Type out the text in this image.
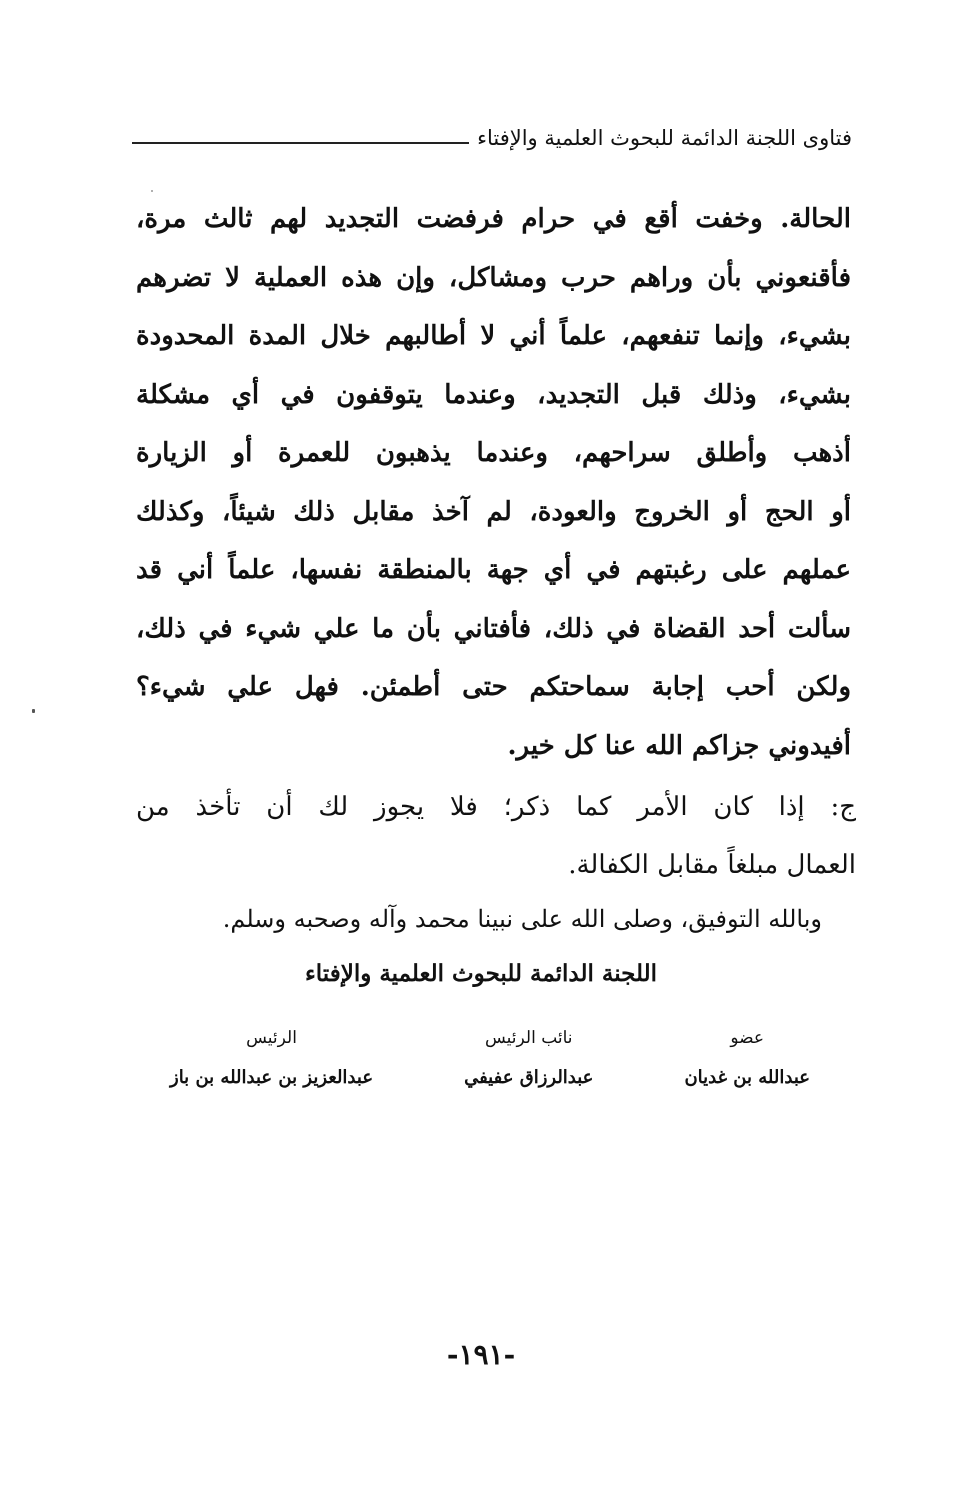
فتاوى اللجنة الدائمة للبحوث العلمية والإفتاء
الحالة. وخفت أقع في حرام فرفضت التجديد لهم ثالث مرة،
فأقنعوني بأن وراهم حرب ومشاكل، وإن هذه العملية لا تضرهم
بشيء، وإنما تنفعهم، علماً أني لا أطالبهم خلال المدة المحدودة
بشيء، وذلك قبل التجديد، وعندما يتوقفون في أي مشكلة
أذهب وأطلق سراحهم، وعندما يذهبون للعمرة أو الزيارة
أو الحج أو الخروج والعودة، لم آخذ مقابل ذلك شيئاً، وكذلك
عملهم على رغبتهم في أي جهة بالمنطقة نفسها، علماً أني قد
سألت أحد القضاة في ذلك، فأفتاني بأن ما علي شيء في ذلك،
ولكن أحب إجابة سماحتكم حتى أطمئن. فهل علي شيء؟
أفيدوني جزاكم الله عنا كل خير.
ج: إذا كان الأمر كما ذكر؛ فلا يجوز لك أن تأخذ من
العمال مبلغاً مقابل الكفالة.
وبالله التوفيق، وصلى الله على نبينا محمد وآله وصحبه وسلم.
اللجنة الدائمة للبحوث العلمية والإفتاء
عضو
عبدالله بن غديان
نائب الرئيس
عبدالرزاق عفيفي
الرئيس
عبدالعزيز بن عبدالله بن باز
-١٩١-
